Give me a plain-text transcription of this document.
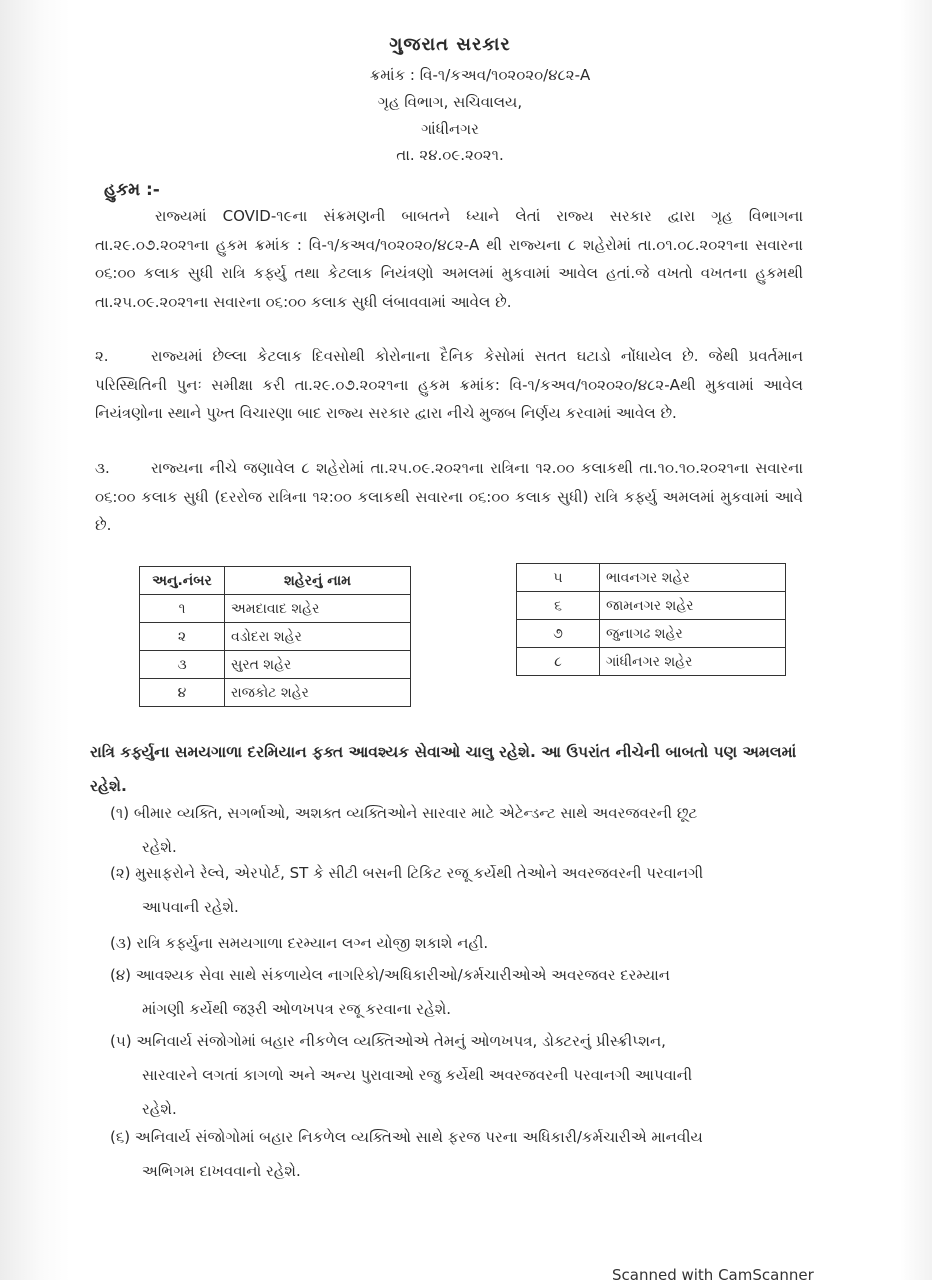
ગુજરાત સરકાર
ક્રમાંક : વિ-૧/કઅવ/૧૦૨૦૨૦/૪૮૨-A
ગૃહ વિભાગ, સચિવાલય,
ગાંધીનગર
તા. ૨૪.૦૯.૨૦૨૧.
હુકમ :-
રાજ્યમાં COVID-૧૯ના સંક્રમણની બાબતને ધ્યાને લેતાં રાજ્ય સરકાર દ્વારા ગૃહ વિભાગના તા.૨૯.૦૭.૨૦૨૧ના હુકમ ક્રમાંક : વિ-૧/કઅવ/૧૦૨૦૨૦/૪૮૨-A થી રાજ્યના ૮ શહેરોમાં તા.૦૧.૦૮.૨૦૨૧ના સવારના ૦૬:૦૦ કલાક સુધી રાત્રિ કર્ફ્યુ તથા કેટલાક નિયંત્રણો અમલમાં મુકવામાં આવેલ હતાં.જે વખતો વખતના હુકમથી તા.૨૫.૦૯.૨૦૨૧ના સવારના ૦૬:૦૦ કલાક સુધી લંબાવવામાં આવેલ છે.
૨.	રાજ્યમાં છેલ્લા કેટલાક દિવસોથી કોરોનાના દૈનિક કેસોમાં સતત ઘટાડો નોંધાયેલ છે. જેથી પ્રવર્તમાન પરિસ્થિતિની પુનઃ સમીક્ષા કરી તા.૨૯.૦૭.૨૦૨૧ના હુકમ ક્રમાંક: વિ-૧/કઅવ/૧૦૨૦૨૦/૪૮૨-Aથી મુકવામાં આવેલ નિયંત્રણોના સ્થાને પુખ્ત વિચારણા બાદ રાજ્ય સરકાર દ્વારા નીચે મુજબ નિર્ણય કરવામાં આવેલ છે.
૩.	રાજ્યના નીચે જણાવેલ ૮ શહેરોમાં તા.૨૫.૦૯.૨૦૨૧ના રાત્રિના ૧૨.૦૦ કલાકથી તા.૧૦.૧૦.૨૦૨૧ના સવારના ૦૬:૦૦ કલાક સુધી (દરરોજ રાત્રિના ૧૨:૦૦ કલાકથી સવારના ૦૬:૦૦ કલાક સુધી) રાત્રિ કર્ફ્યુ અમલમાં મુકવામાં આવે છે.
અનુ.નંબર	શહેરનું નામ
૧	અમદાવાદ શહેર
૨	વડોદરા શહેર
૩	સુરત શહેર
૪	રાજકોટ શહેર
૫	ભાવનગર શહેર
૬	જામનગર શહેર
૭	જુનાગઢ શહેર
૮	ગાંધીનગર શહેર
રાત્રિ કર્ફ્યુના સમયગાળા દરમિયાન ફક્ત આવશ્યક સેવાઓ ચાલુ રહેશે. આ ઉપરાંત નીચેની બાબતો પણ અમલમાં રહેશે.
(૧) બીમાર વ્યક્તિ, સગર્ભાઓ, અશક્ત વ્યક્તિઓને સારવાર માટે એટેન્ડન્ટ સાથે અવરજવરની છૂટ
રહેશે.
(૨) મુસાફરોને રેલ્વે, એરપોર્ટ, ST કે સીટી બસની ટિકિટ રજૂ કર્યેથી તેઓને અવરજવરની પરવાનગી
આપવાની રહેશે.
(૩) રાત્રિ કર્ફ્યુના સમયગાળા દરમ્યાન લગ્ન યોજી શકાશે નહી.
(૪) આવશ્યક સેવા સાથે સંકળાયેલ નાગરિકો/અધિકારીઓ/કર્મચારીઓએ અવરજવર દરમ્યાન
માંગણી કર્યેથી જરૂરી ઓળખપત્ર રજૂ કરવાના રહેશે.
(૫) અનિવાર્ય સંજોગોમાં બહાર નીકળેલ વ્યક્તિઓએ તેમનું ઓળખપત્ર, ડોક્ટરનું પ્રીસ્ક્રીપ્શન,
સારવારને લગતાં કાગળો અને અન્ય પુરાવાઓ રજુ કર્યેથી અવરજવરની પરવાનગી આપવાની
રહેશે.
(૬) અનિવાર્ય સંજોગોમાં બહાર નિકળેલ વ્યક્તિઓ સાથે ફરજ પરના અધિકારી/કર્મચારીએ માનવીય
અભિગમ દાખવવાનો રહેશે.
Scanned with CamScanner
